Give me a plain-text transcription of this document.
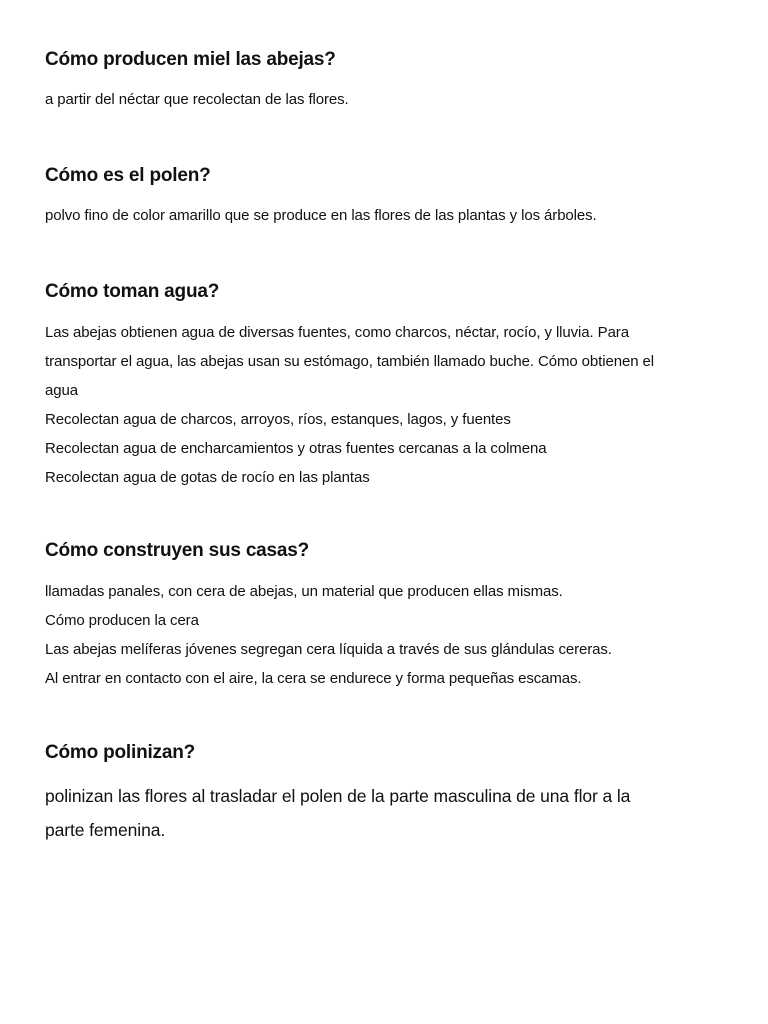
Cómo producen miel las abejas?

a partir del néctar que recolectan de las flores.

Cómo es el polen?

polvo fino de color amarillo que se produce en las flores de las plantas y los árboles.

Cómo toman agua?

Las abejas obtienen agua de diversas fuentes, como charcos, néctar, rocío, y lluvia. Para

transportar el agua, las abejas usan su estómago, también llamado buche. Cómo obtienen el

agua

Recolectan agua de charcos, arroyos, ríos, estanques, lagos, y fuentes

Recolectan agua de encharcamientos y otras fuentes cercanas a la colmena

Recolectan agua de gotas de rocío en las plantas

Cómo construyen sus casas?

llamadas panales, con cera de abejas, un material que producen ellas mismas.

Cómo producen la cera

Las abejas melíferas jóvenes segregan cera líquida a través de sus glándulas cereras.

Al entrar en contacto con el aire, la cera se endurece y forma pequeñas escamas.

Cómo polinizan?

polinizan las flores al trasladar el polen de la parte masculina de una flor a la

parte femenina.
